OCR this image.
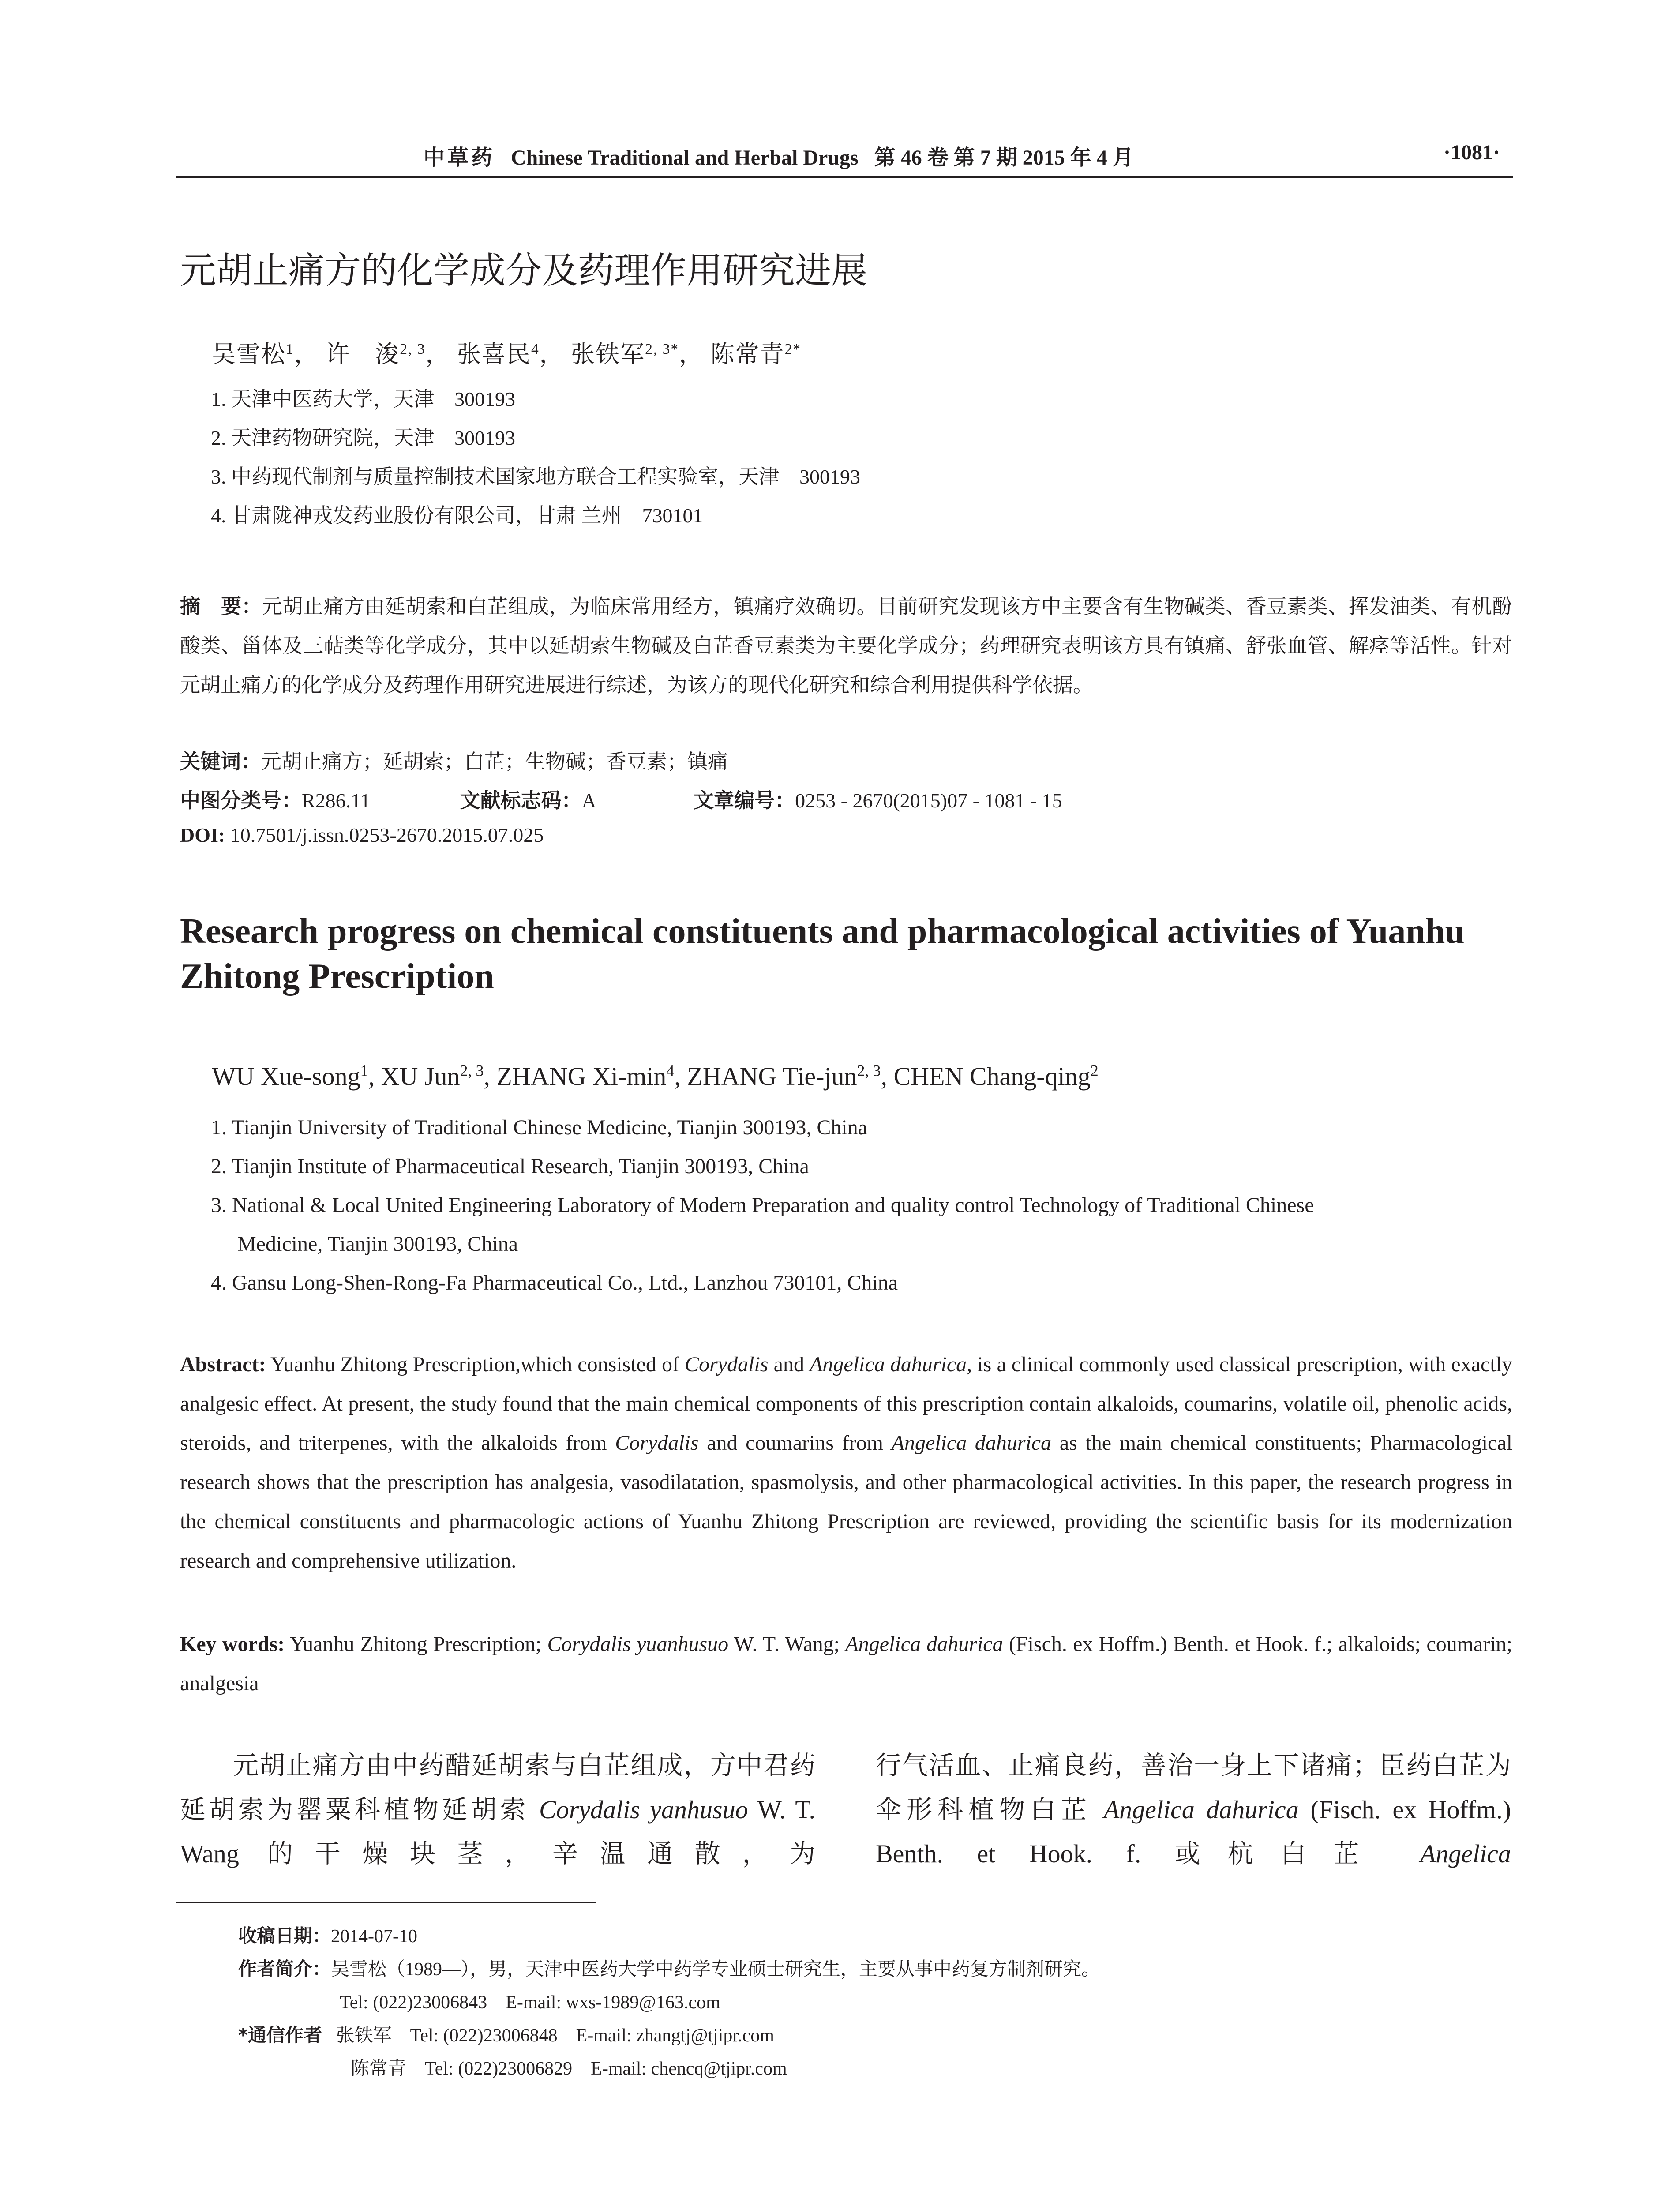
中草药 Chinese Traditional and Herbal Drugs 第 46 卷 第 7 期 2015 年 4 月	·1081·
元胡止痛方的化学成分及药理作用研究进展
吴雪松$^1$， 许　浚$^{2, 3}$， 张喜民$^4$， 张铁军$^{2, 3*}$， 陈常青$^{2*}$
1. 天津中医药大学，天津　300193
2. 天津药物研究院，天津　300193
3. 中药现代制剂与质量控制技术国家地方联合工程实验室，天津　300193
4. 甘肃陇神戎发药业股份有限公司，甘肃 兰州　730101
摘　要：元胡止痛方由延胡索和白芷组成，为临床常用经方，镇痛疗效确切。目前研究发现该方中主要含有生物碱类、香豆素类、挥发油类、有机酚酸类、甾体及三萜类等化学成分，其中以延胡索生物碱及白芷香豆素类为主要化学成分；药理研究表明该方具有镇痛、舒张血管、解痉等活性。针对元胡止痛方的化学成分及药理作用研究进展进行综述，为该方的现代化研究和综合利用提供科学依据。
关键词：元胡止痛方；延胡索；白芷；生物碱；香豆素；镇痛
中图分类号：R286.11	文献标志码：A	文章编号：0253 - 2670(2015)07 - 1081 - 15
DOI: 10.7501/j.issn.0253-2670.2015.07.025
Research progress on chemical constituents and pharmacological activities of Yuanhu Zhitong Prescription
WU Xue-song$^1$, XU Jun$^{2, 3}$, ZHANG $Xi-\min^4$, ZHANG Tie-jun$^{2, 3}$, CHEN Chang-qing$^2$
1. Tianjin University of Traditional Chinese Medicine, Tianjin 300193, China
2. Tianjin Institute of Pharmaceutical Research, Tianjin 300193, China
3. National & Local United Engineering Laboratory of Modern Preparation and quality control Technology of Traditional Chinese
Medicine, Tianjin 300193, China
4. Gansu Long-Shen-Rong-Fa Pharmaceutical Co., Ltd., Lanzhou 730101, China
Abstract: Yuanhu Zhitong Prescription,which consisted of Corydalis and Angelica dahurica, is a clinical commonly used classical prescription, with exactly analgesic effect. At present, the study found that the main chemical components of this prescription contain alkaloids, coumarins, volatile oil, phenolic acids, steroids, and triterpenes, with the alkaloids from Corydalis and coumarins from Angelica dahurica as the main chemical constituents; Pharmacological research shows that the prescription has analgesia, vasodilatation, spasmolysis, and other pharmacological activities. In this paper, the research progress in the chemical constituents and pharmacologic actions of Yuanhu Zhitong Prescription are reviewed, providing the scientific basis for its modernization research and comprehensive utilization.
Key words: Yuanhu Zhitong Prescription; Corydalis yuanhusuo W. T. Wang; Angelica dahurica (Fisch. ex Hoffm.) Benth. et Hook. f.; alkaloids; coumarin; analgesia
　　元胡止痛方由中药醋延胡索与白芷组成，方中君药延胡索为罂粟科植物延胡索 Corydalis yanhusuo W. T. Wang 的干燥块茎，辛温通散，为
行气活血、止痛良药，善治一身上下诸痛；臣药白芷为伞形科植物白芷 Angelica dahurica (Fisch. ex Hoffm.) Benth. et Hook. f. 或杭白芷 Angelica
收稿日期：2014-07-10
作者简介：吴雪松（1989—），男，天津中医药大学中药学专业硕士研究生，主要从事中药复方制剂研究。
Tel: (022)23006843　E-mail: wxs-1989@163.com
*通信作者 张铁军　Tel: (022)23006848　E-mail: zhangtj@tjipr.com
陈常青　Tel: (022)23006829　E-mail: chencq@tjipr.com
